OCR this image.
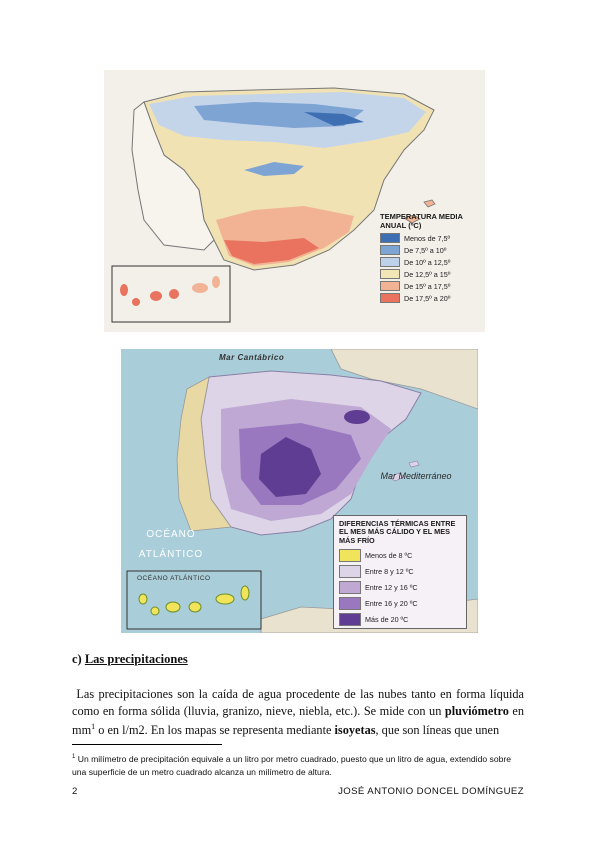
TEMPERATURA MEDIA ANUAL (ºC)
Menos de 7,5º
De 7,5º a 10º
De 10º a 12,5º
De 12,5º a 15º
De 15º a 17,5º
De 17,5º a 20º
Mar Cantábrico
Mar Mediterráneo
OCÉANO ATLÁNTICO
OCÉANO ATLÁNTICO
DIFERENCIAS TÉRMICAS ENTRE EL MES MÁS CÁLIDO Y EL MES MÁS FRÍO
Menos de 8 ºC
Entre 8 y 12 ºC
Entre 12 y 16 ºC
Entre 16 y 20 ºC
Más de 20 ºC
c) Las precipitaciones
Las precipitaciones son la caída de agua procedente de las nubes tanto en forma líquida como en forma sólida (lluvia, granizo, nieve, niebla, etc.). Se mide con un pluviómetro en $mm^1$ o en l/m2. En los mapas se representa mediante isoyetas, que son líneas que unen
$^1$ Un milímetro de precipitación equivale a un litro por metro cuadrado, puesto que un litro de agua, extendido sobre una superficie de un metro cuadrado alcanza un milímetro de altura.
2	JOSÉ ANTONIO DONCEL DOMÍNGUEZ
